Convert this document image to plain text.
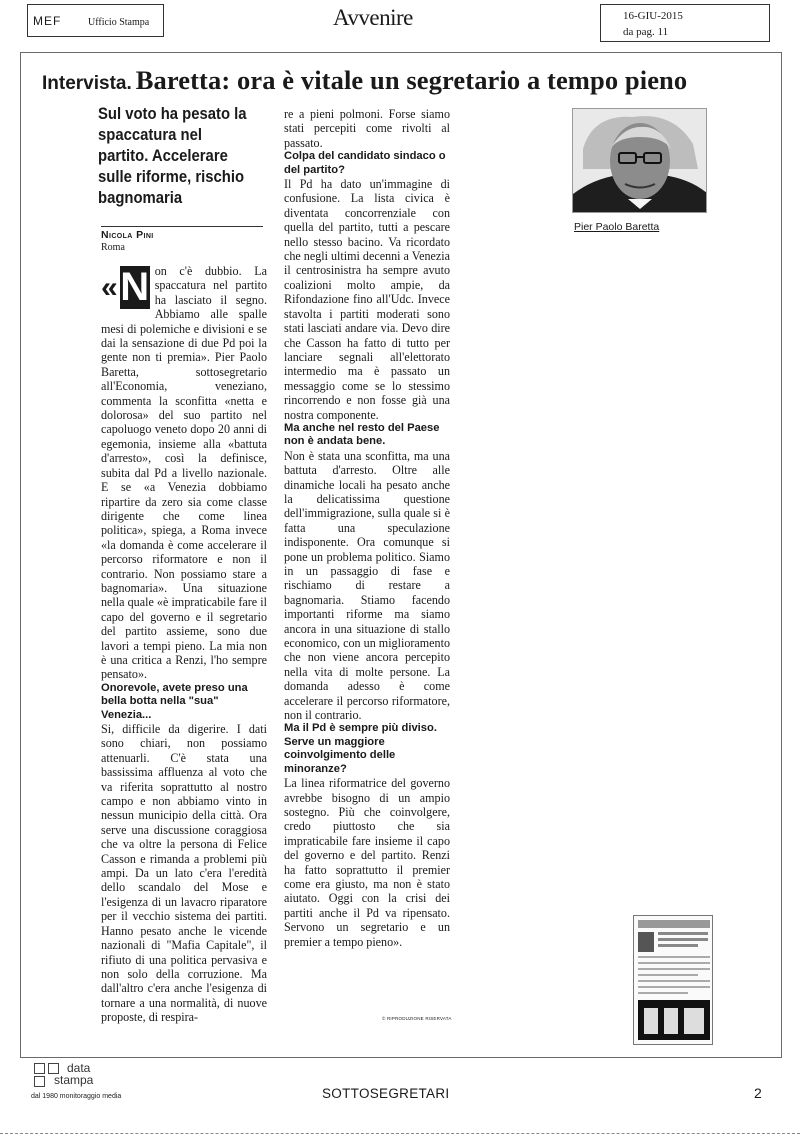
MEF	Ufficio Stampa	Avvenire	16-GIU-2015
da pag. 11
Intervista. Baretta: ora è vitale un segretario a tempo pieno
Sul voto ha pesato la spaccatura nel partito. Accelerare sulle riforme, rischio bagnomaria
Nicola Pini
Roma
« N on c'è dubbio. La spaccatura nel partito ha lasciato il segno. Abbiamo alle spalle mesi di polemiche e divisioni e se dai la sensazione di due Pd poi la gente non ti premia». Pier Paolo Baretta, sottosegretario all'Economia, veneziano, commenta la sconfitta «netta e dolorosa» del suo partito nel capoluogo veneto dopo 20 anni di egemonia, insieme alla «battuta d'arresto», così la definisce, subita dal Pd a livello nazionale. E se «a Venezia dobbiamo ripartire da zero sia come classe dirigente che come linea politica», spiega, a Roma invece «la domanda è come accelerare il percorso riformatore e non il contrario. Non possiamo stare a bagnomaria». Una situazione nella quale «è impraticabile fare il capo del governo e il segretario del partito assieme, sono due lavori a tempi pieno. La mia non è una critica a Renzi, l'ho sempre pensato».

Onorevole, avete preso una bella botta nella "sua" Venezia...

Si, difficile da digerire. I dati sono chiari, non possiamo attenuarli. C'è stata una bassissima affluenza al voto che va riferita soprattutto al nostro campo e non abbiamo vinto in nessun municipio della città. Ora serve una discussione coraggiosa che va oltre la persona di Felice Casson e rimanda a problemi più ampi. Da un lato c'era l'eredità dello scandalo del Mose e l'esigenza di un lavacro riparatore per il vecchio sistema dei partiti. Hanno pesato anche le vicende nazionali di "Mafia Capitale", il rifiuto di una politica pervasiva e non solo della corruzione. Ma dall'altro c'era anche l'esigenza di tornare a una normalità, di nuove proposte, di respira-

re a pieni polmoni. Forse siamo stati percepiti come rivolti al passato.

Colpa del candidato sindaco o del partito?

Il Pd ha dato un'immagine di confusione. La lista civica è diventata concorrenziale con quella del partito, tutti a pescare nello stesso bacino. Va ricordato che negli ultimi decenni a Venezia il centrosinistra ha sempre avuto coalizioni molto ampie, da Rifondazione fino all'Udc. Invece stavolta i partiti moderati sono stati lasciati andare via. Devo dire che Casson ha fatto di tutto per lanciare segnali all'elettorato intermedio ma è passato un messaggio come se lo stessimo rincorrendo e non fosse già una nostra componente.

Ma anche nel resto del Paese non è andata bene.

Non è stata una sconfitta, ma una battuta d'arresto. Oltre alle dinamiche locali ha pesato anche la delicatissima questione dell'immigrazione, sulla quale si è fatta una speculazione indisponente. Ora comunque si pone un problema politico. Siamo in un passaggio di fase e rischiamo di restare a bagnomaria. Stiamo facendo importanti riforme ma siamo ancora in una situazione di stallo economico, con un miglioramento che non viene ancora percepito nella vita di molte persone. La domanda adesso è come accelerare il percorso riformatore, non il contrario.

Ma il Pd è sempre più diviso. Serve un maggiore coinvolgimento delle minoranze?

La linea riformatrice del governo avrebbe bisogno di un ampio sostegno. Più che coinvolgere, credo piuttosto che sia impraticabile fare insieme il capo del governo e del partito. Renzi ha fatto soprattutto il premier come era giusto, ma non è stato aiutato. Oggi con la crisi dei partiti anche il Pd va ripensato. Servono un segretario e un premier a tempo pieno».

Pier Paolo Baretta
© RIPRODUZIONE RISERVATA
data
stampa
dal 1980 monitoraggio media	SOTTOSEGRETARI	2
